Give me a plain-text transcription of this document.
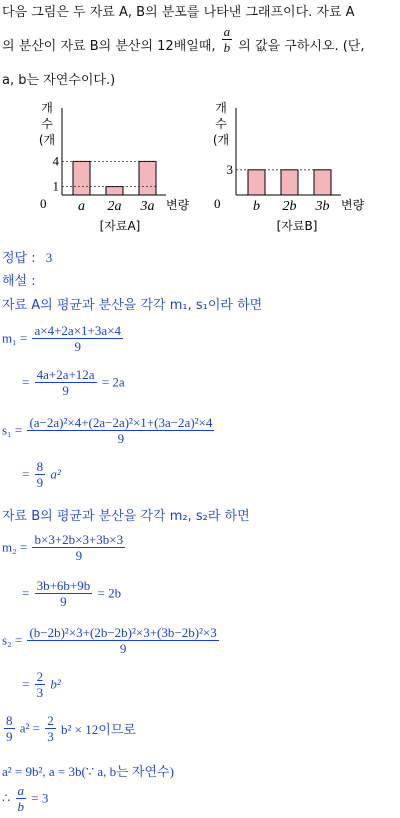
다음 그림은 두 자료 A, B의 분포를 나타낸 그래프이다. 자료 A
의 분산이 자료 B의 분산의 12배일때, $\frac{a}{b}$ 의 값을 구하시오. (단,
a, b는 자연수이다.)
개
수
(개
0 a 2a 3a
1
4
변량
[자료A]
개
수
(개
0 b 2b 3b
3
변량
[자료B]
정답 : 3
해설 :
자료 A의 평균과 분산을 각각 m₁, s₁이라 하면
$m_1 = \frac{a\times 4+2a\times 1+3a\times 4}{9}$
= $\frac{4a+2a+12a}{9} = 2a$
$s_1 = \frac{\text{(a−2a)²×4+(2a−2a)²×1+(3a−2a)²×4}}{9}$
= $\frac{8}{9} a^2$
자료 B의 평균과 분산을 각각 m₂, s₂라 하면
$m_2 = \frac{b\times 3+2b\times 3+3b\times 3}{9}$
= $\frac{3b+6b+9b}{9} = 2b$
$s_2 = \frac{\text{(b−2b)²×3+(2b−2b)²×3+(3b−2b)²×3}}{9}$
= $\frac{2}{3} b^2$
$\frac{8}{9} a^2 = \frac{2}{3} b^2 \times 12$이므로
a² = 9b², a = 3b(∵ a, b는 자연수)
∴ $\frac{a}{b} = 3$
